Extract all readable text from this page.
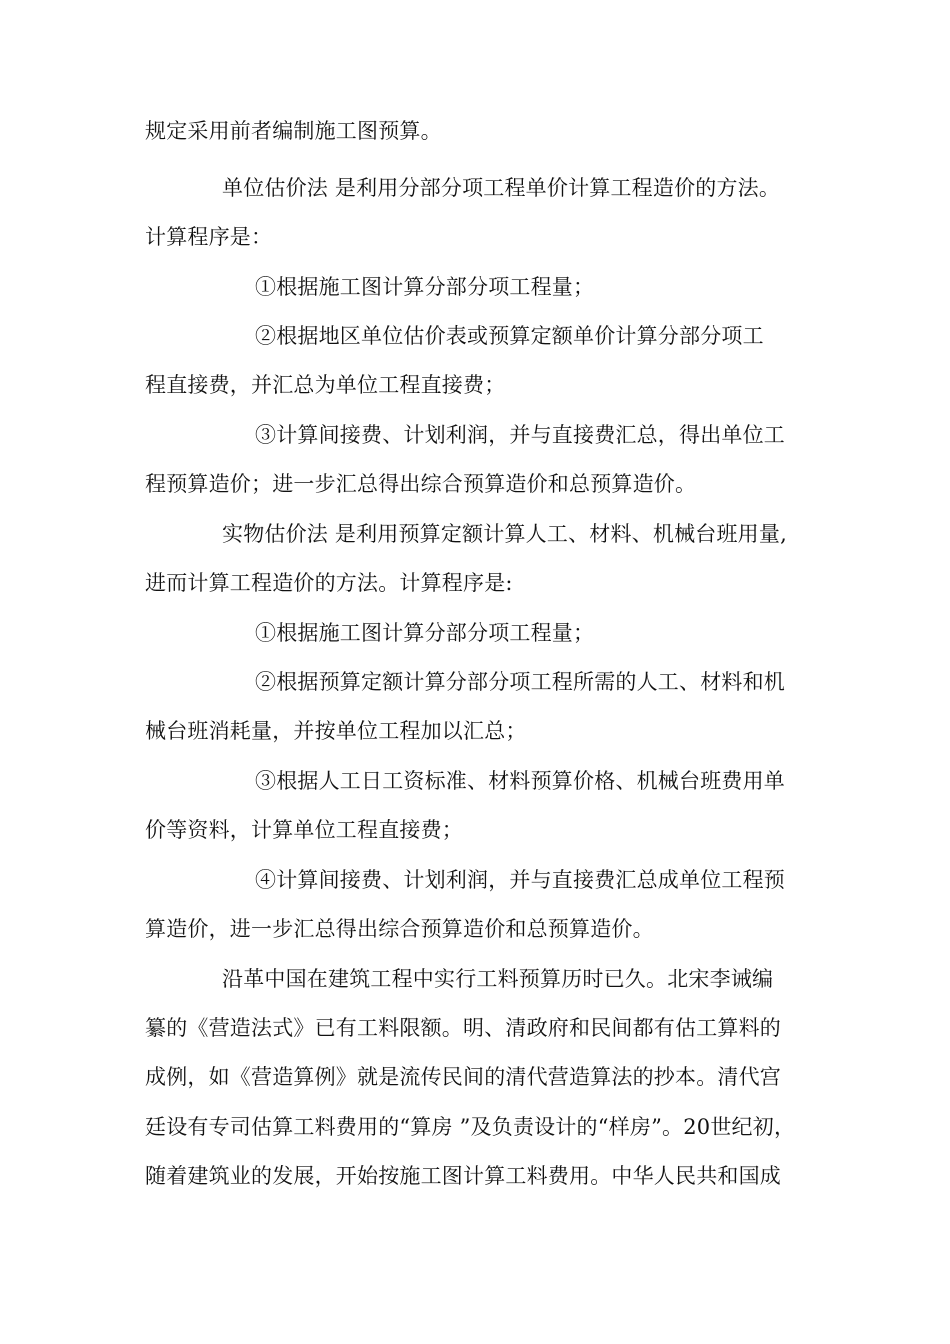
规定采用前者编制施工图预算。
单位估价法 是利用分部分项工程单价计算工程造价的方法。
计算程序是：
①根据施工图计算分部分项工程量；
②根据地区单位估价表或预算定额单价计算分部分项工
程直接费，并汇总为单位工程直接费；
③计算间接费、计划利润，并与直接费汇总，得出单位工
程预算造价；进一步汇总得出综合预算造价和总预算造价。
实物估价法 是利用预算定额计算人工、材料、机械台班用量,
进而计算工程造价的方法。计算程序是:
①根据施工图计算分部分项工程量；
②根据预算定额计算分部分项工程所需的人工、材料和机
械台班消耗量，并按单位工程加以汇总；
③根据人工日工资标准、材料预算价格、机械台班费用单
价等资料，计算单位工程直接费；
④计算间接费、计划利润，并与直接费汇总成单位工程预
算造价，进一步汇总得出综合预算造价和总预算造价。
沿革中国在建筑工程中实行工料预算历时已久。北宋李诫编
纂的《营造法式》已有工料限额。明、清政府和民间都有估工算料的
成例，如《营造算例》就是流传民间的清代营造算法的抄本。清代宫
廷设有专司估算工料费用的“算房 ”及负责设计的“样房”。20世纪初，
随着建筑业的发展，开始按施工图计算工料费用。中华人民共和国成
